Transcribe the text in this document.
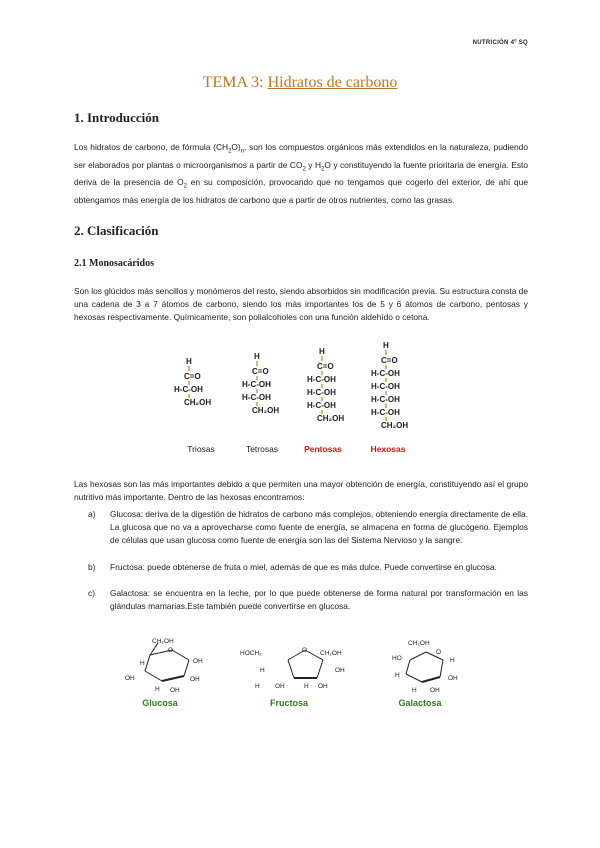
NUTRICIÓN 4º SQ
TEMA 3: Hidratos de carbono
1. Introducción
Los hidratos de carbono, de fórmula $(CH_2O)_n$, son los compuestos orgánicos más extendidos en la naturaleza, pudiendo ser elaborados por plantas o microorganismos a partir de $CO_2$ y $H_2O$ y constituyendo la fuente prioritaria de energía. Esto deriva de la presencia de $O_2$ en su composición, provocando que no tengamos que cogerlo del exterior, de ahí que obtengamos más energía de los hidratos de carbono que a partir de otros nutrientes, como las grasas.
2. Clasificación
2.1 Monosacáridos
Son los glúcidos más sencillos y monómeros del resto, siendo absorbidos sin modificación previa. Su estructura consta de una cadena de 3 a 7 átomos de carbono, siendo los más importantes los de 5 y 6 átomos de carbono, pentosas y hexosas respectivamente. Químicamente, son polialcoholes con una función aldehído o cetona.
H
C=O
H-C-OH
CH₂OH
Triosas
H
C=O
H-C-OH
H-C-OH
CH₂OH
Tetrosas
H
C=O
H-C-OH
H-C-OH
H-C-OH
CH₂OH
Pentosas
H
C=O
H-C-OH
H-C-OH
H-C-OH
H-C-OH
CH₂OH
Hexosas
O
CH₂OH
H	OH
OH	OH
OH
H
Glucosa
O
HOCH₂	CH₂OH
H	OH
H OH	H OH
Fructosa
O
CH₂OH
HO	H
H	OH
OH
H
Galactosa
Las hexosas son las más importantes debido a que permiten una mayor obtención de energía, constituyendo así el grupo nutritivo más importante. Dentro de las hexosas encontramos:
a) Glucosa: deriva de la digestión de hidratos de carbono más complejos, obteniendo energía directamente de ella. La glucosa que no va a aprovecharse como fuente de energía, se almacena en forma de glucógeno. Ejemplos de células que usan glucosa como fuente de energía son las del Sistema Nervioso y la sangre.
b) Fructosa: puede obtenerse de fruta o miel, además de que es más dulce. Puede convertirse en glucosa.
c) Galactosa: se encuentra en la leche, por lo que puede obtenerse de forma natural por transformación en las glándulas mamarias.Este también puede convertirse en glucosa.
